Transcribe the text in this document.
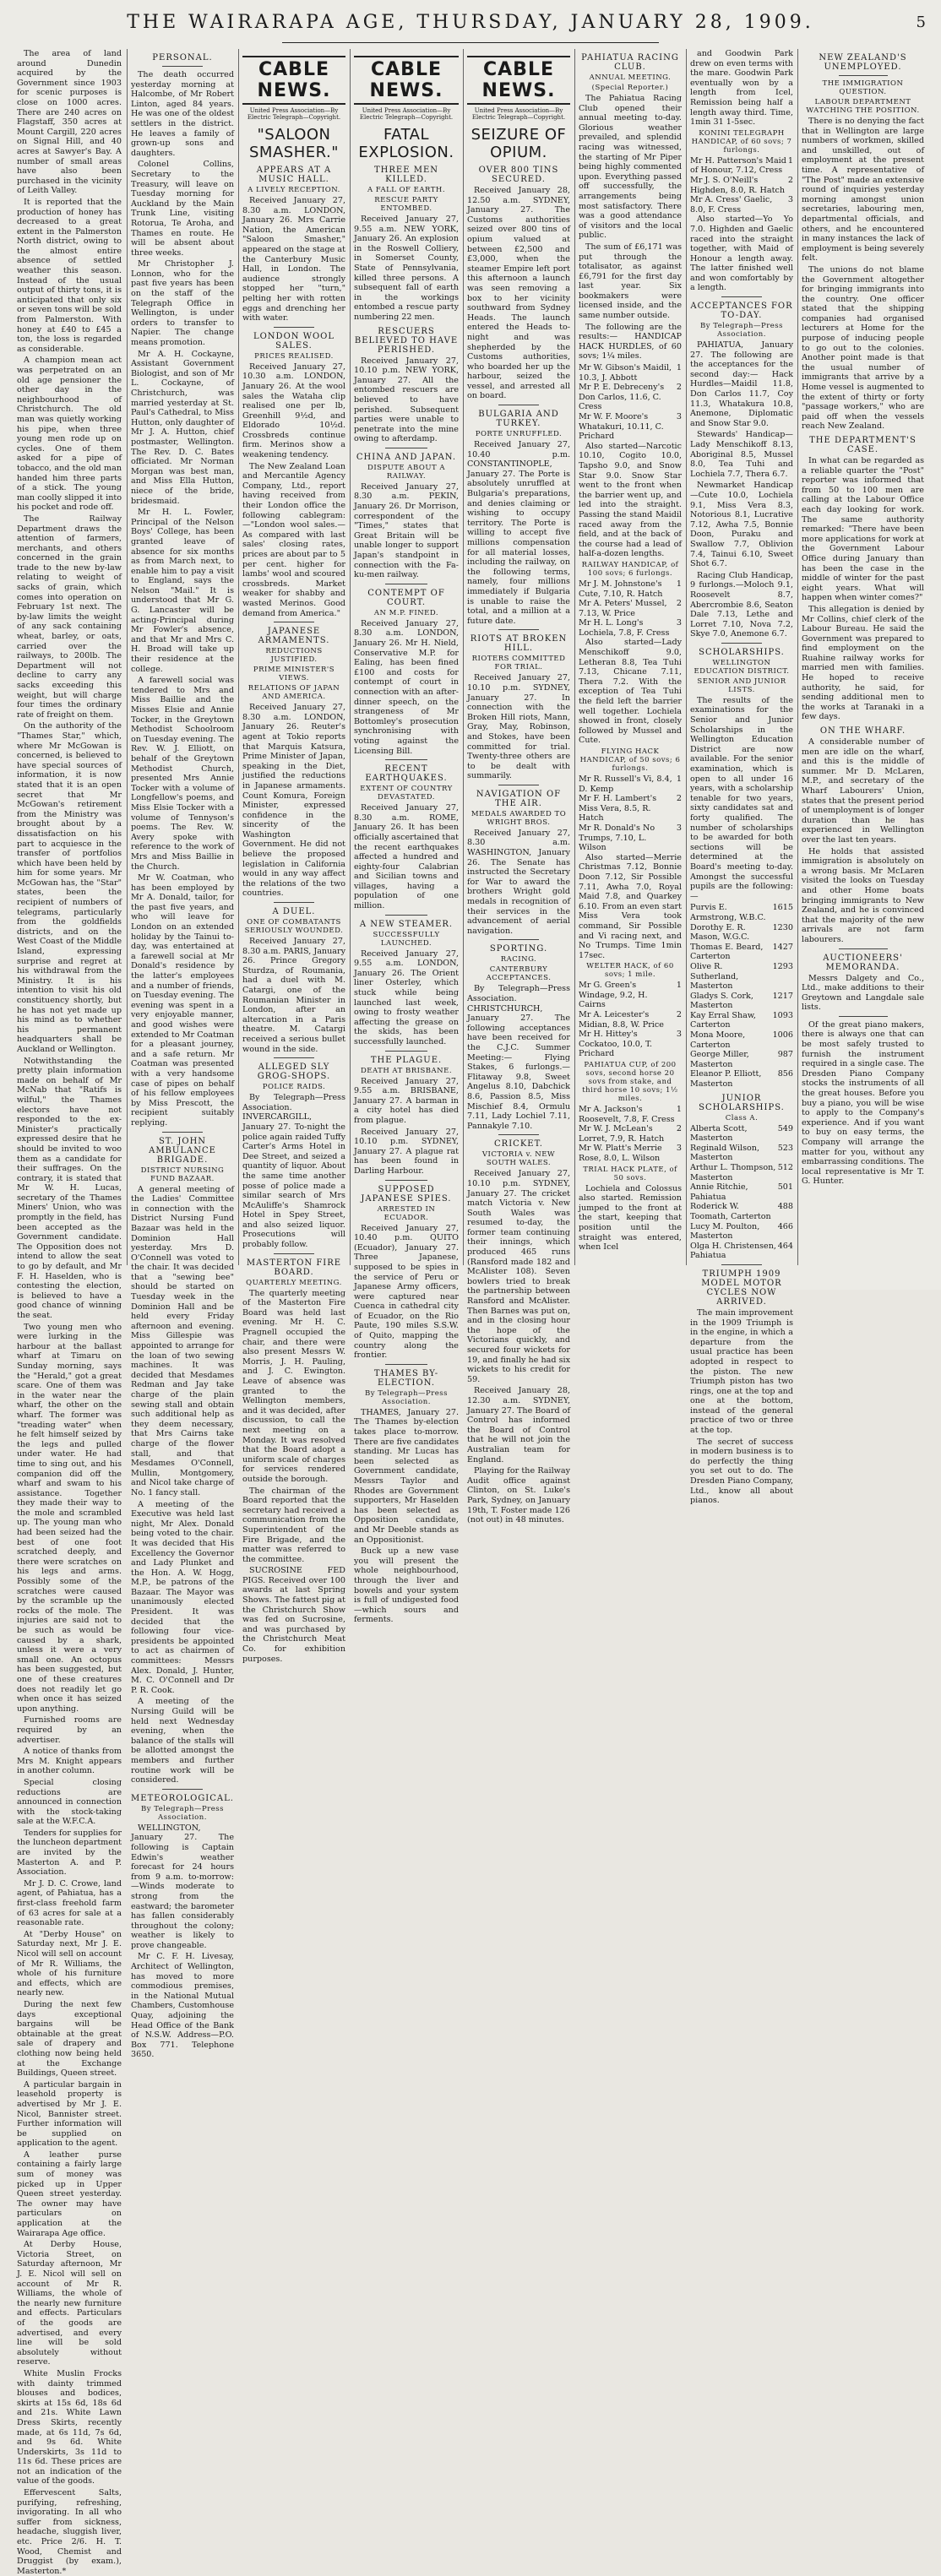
THE WAIRARAPA AGE, THURSDAY, JANUARY 28, 1909.	5

The area of land around Dunedin acquired by the Government since 1903 for scenic purposes is close on 1000 acres. There are 240 acres on Flagstaff, 350 acres at Mount Cargill, 220 acres on Signal Hill, and 40 acres at Sawyer's Bay. A number of small areas have also been purchased in the vicinity of Leith Valley.

It is reported that the production of honey has decreased to a great extent in the Palmerston North district, owing to the almost entire absence of settled weather this season. Instead of the usual output of thirty tons, it is anticipated that only six or seven tons will be sold from Palmerston. With honey at £40 to £45 a ton, the loss is regarded as considerable.

A champion mean act was perpetrated on an old age pensioner the other day in the neighbourhood of Christchurch. The old man was quietly working his pipe, when three young men rode up on cycles. One of them asked for a pipe of tobacco, and the old man handed him three parts of a stick. The young man coolly slipped it into his pocket and rode off.

The Railway Department draws the attention of farmers, merchants, and others concerned in the grain trade to the new by-law relating to weight of sacks of grain, which comes into operation on February 1st next. The by-law limits the weight of any sack containing wheat, barley, or oats, carried over the railways, to 200lb. The Department will not decline to carry any sacks exceeding this weight, but will charge four times the ordinary rate of freight on them.

On the authority of the "Thames Star," which, where Mr McGowan is concerned, is believed to have special sources of information, it is now stated that it is an open secret that Mr McGowan's retirement from the Ministry was brought about by a dissatisfaction on his part to acquiesce in the transfer of portfolios which have been held by him for some years. Mr McGowan has, the "Star" states, been the recipient of numbers of telegrams, particularly from the goldfields districts, and on the West Coast of the Middle Island, expressing surprise and regret at his withdrawal from the Ministry. It is his intention to visit his old constituency shortly, but he has not yet made up his mind as to whether his permanent headquarters shall be Auckland or Wellington.

Notwithstanding the pretty plain information made on behalf of Mr McNab that "Ratifs is wilful," the Thames electors have not responded to the ex-Minister's practically expressed desire that he should be invited to woo them as a candidate for their suffrages. On the contrary, it is stated that Mr W. H. Lucas, secretary of the Thames Miners' Union, who was promptly in the field, has been accepted as the Government candidate. The Opposition does not intend to allow the seat to go by default, and Mr F. H. Haselden, who is contesting the election, is believed to have a good chance of winning the seat.

Two young men who were lurking in the harbour at the ballast wharf at Timaru on Sunday morning, says the "Herald," got a great scare. One of them was in the water near the wharf, the other on the wharf. The former was "treading water" when he felt himself seized by the legs and pulled under water. He had time to sing out, and his companion did off the wharf and swam to his assistance. Together they made their way to the mole and scrambled up. The young man who had been seized had the best of one foot scratched deeply, and there were scratches on his legs and arms. Possibly some of the scratches were caused by the scramble up the rocks of the mole. The injuries are said not to be such as would be caused by a shark, unless it were a very small one. An octopus has been suggested, but one of these creatures does not readily let go when once it has seized upon anything.

Furnished rooms are required by an advertiser.

A notice of thanks from Mrs M. Knight appears in another column.

Special closing reductions are announced in connection with the stock-taking sale at the W.F.C.A.

Tenders for supplies for the luncheon department are invited by the Masterton A. and P. Association.

Mr J. D. C. Crowe, land agent, of Pahiatua, has a first-class freehold farm of 63 acres for sale at a reasonable rate.

At "Derby House" on Saturday next, Mr J. E. Nicol will sell on account of Mr R. Williams, the whole of his furniture and effects, which are nearly new.

During the next few days exceptional bargains will be obtainable at the great sale of drapery and clothing now being held at the Exchange Buildings, Queen street.

A particular bargain in leasehold property is advertised by Mr J. E. Nicol, Bannister street. Further information will be supplied on application to the agent.

A leather purse containing a fairly large sum of money was picked up in Upper Queen street yesterday. The owner may have particulars on application at the Wairarapa Age office.

At Derby House, Victoria Street, on Saturday afternoon, Mr J. E. Nicol will sell on account of Mr R. Williams, the whole of the nearly new furniture and effects. Particulars of the goods are advertised, and every line will be sold absolutely without reserve.

White Muslin Frocks with dainty trimmed blouses and bodices, skirts at 15s 6d, 18s 6d and 21s. White Lawn Dress Skirts, recently made, at 6s 11d, 7s 6d, and 9s 6d. White Underskirts, 3s 11d to 11s 6d. These prices are not an indication of the value of the goods.

Effervescent Salts, purifying, refreshing, invigorating. In all who suffer from sickness, headache, sluggish liver, etc. Price 2/6. H. T. Wood, Chemist and Druggist (by exam.), Masterton.*

PERSONAL.

The death occurred yesterday morning at Halcombe, of Mr Robert Linton, aged 84 years. He was one of the oldest settlers in the district. He leaves a family of grown-up sons and daughters.

Colonel Collins, Secretary to the Treasury, will leave on Tuesday morning for Auckland by the Main Trunk Line, visiting Rotorua, Te Aroha, and Thames en route. He will be absent about three weeks.

Mr Christopher J. Lonnon, who for the past five years has been on the staff of the Telegraph Office in Wellington, is under orders to transfer to Napier. The change means promotion.

Mr A. H. Cockayne, Assistant Government Biologist, and son of Mr L. Cockayne, of Christchurch, was married yesterday at St. Paul's Cathedral, to Miss Hutton, only daughter of Mr J. A. Hutton, chief postmaster, Wellington. The Rev. D. C. Bates officiated. Mr Norman Morgan was best man, and Miss Ella Hutton, niece of the bride, bridesmaid.

Mr H. L. Fowler, Principal of the Nelson Boys' College, has been granted leave of absence for six months as from March next, to enable him to pay a visit to England, says the Nelson "Mail." It is understood that Mr G. G. Lancaster will be acting-Principal during Mr Fowler's absence, and that Mr and Mrs C. H. Broad will take up their residence at the college.

A farewell social was tendered to Mrs and Miss Baillie and the Misses Elsie and Annie Tocker, in the Greytown Methodist Schoolroom on Tuesday evening. The Rev. W. J. Elliott, on behalf of the Greytown Methodist Church, presented Mrs Annie Tocker with a volume of Longfellow's poems, and Miss Elsie Tocker with a volume of Tennyson's poems. The Rev. W. Avery spoke with reference to the work of Mrs and Miss Baillie in the Church.

Mr W. Coatman, who has been employed by Mr A. Donald, tailor, for the past five years, and who will leave for London on an extended holiday by the Tainui to-day, was entertained at a farewell social at Mr Donald's residence by the latter's employees and a number of friends, on Tuesday evening. The evening was spent in a very enjoyable manner, and good wishes were extended to Mr Coatman for a pleasant journey, and a safe return. Mr Coatman was presented with a very handsome case of pipes on behalf of his fellow employees by Miss Prescott, the recipient suitably replying.

ST. JOHN AMBULANCE BRIGADE.
DISTRICT NURSING FUND BAZAAR.

A general meeting of the Ladies' Committee in connection with the District Nursing Fund Bazaar was held in the Dominion Hall yesterday. Mrs D. O'Connell was voted to the chair. It was decided that a "sewing bee" should be started on Tuesday week in the Dominion Hall and be held every Friday afternoon and evening. Miss Gillespie was appointed to arrange for the loan of two sewing machines. It was decided that Mesdames Redman and Jay take charge of the plain sewing stall and obtain such additional help as they deem necessary, that Mrs Cairns take charge of the flower stall, and that Mesdames O'Connell, Mullin, Montgomery, and Nicol take charge of No. 1 fancy stall.

A meeting of the Executive was held last night, Mr Alex. Donald being voted to the chair. It was decided that His Excellency the Governor and Lady Plunket and the Hon. A. W. Hogg, M.P., be patrons of the Bazaar. The Mayor was unanimously elected President. It was decided that the following four vice-presidents be appointed to act as chairmen of committees: Messrs Alex. Donald, J. Hunter, M. C. O'Connell and Dr P. R. Cook.

A meeting of the Nursing Guild will be held next Wednesday evening, when the balance of the stalls will be allotted amongst the members and further routine work will be considered.

METEOROLOGICAL.
By Telegraph—Press Association.

WELLINGTON, January 27. The following is Captain Edwin's weather forecast for 24 hours from 9 a.m. to-morrow:—Winds moderate to strong from the eastward; the barometer has fallen considerably throughout the colony; weather is likely to prove changeable.

Mr C. F. H. Livesay, Architect of Wellington, has moved to more commodious premises, in the National Mutual Chambers, Customhouse Quay, adjoining the Head Office of the Bank of N.S.W. Address—P.O. Box 771. Telephone 3650.

CABLE NEWS.
United Press Association—By Electric Telegraph—Copyright.
"SALOON SMASHER."
APPEARS AT A MUSIC HALL.
A LIVELY RECEPTION.

Received January 27, 8.30 a.m. LONDON, January 26. Mrs Carrie Nation, the American "Saloon Smasher," appeared on the stage at the Canterbury Music Hall, in London. The audience strongly stopped her "turn," pelting her with rotten eggs and drenching her with water.

LONDON WOOL SALES.
PRICES REALISED.

Received January 27, 10.30 a.m. LONDON, January 26. At the wool sales the Wataha clip realised one per lb, Greenhill 9½d, and Eldorado 10½d. Crossbreds continue firm. Merinos show a weakening tendency.

The New Zealand Loan and Mercantile Agency Company, Ltd., report having received from their London office the following cablegram:—"London wool sales.—As compared with last sales' closing rates, prices are about par to 5 per cent. higher for lambs' wool and scoured crossbreds. Market weaker for shabby and wasted Merinos. Good demand from America."

JAPANESE ARMAMENTS.
REDUCTIONS JUSTIFIED.
PRIME MINISTER'S VIEWS.
RELATIONS OF JAPAN AND AMERICA.

Received January 27, 8.30 a.m. LONDON, January 26. Reuter's agent at Tokio reports that Marquis Katsura, Prime Minister of Japan, speaking in the Diet, justified the reductions in Japanese armaments. Count Komura, Foreign Minister, expressed confidence in the sincerity of the Washington Government. He did not believe the proposed legislation in California would in any way affect the relations of the two countries.

A DUEL.
ONE OF COMBATANTS SERIOUSLY WOUNDED.

Received January 27, 8.30 a.m. PARIS, January 26. Prince Gregory Sturdza, of Roumania, had a duel with M. Catargi, one of the Roumanian Minister in London, after an altercation in a Paris theatre. M. Catargi received a serious bullet wound in the side.

ALLEGED SLY GROG-SHOPS.
POLICE RAIDS.

By Telegraph—Press Association. INVERCARGILL, January 27. To-night the police again raided Tuffy Carter's Arms Hotel in Dee Street, and seized a quantity of liquor. About the same time another posse of police made a similar search of Mrs McAuliffe's Shamrock Hotel in Spey Street, and also seized liquor. Prosecutions will probably follow.

MASTERTON FIRE BOARD.
QUARTERLY MEETING.

The quarterly meeting of the Masterton Fire Board was held last evening. Mr H. C. Pragnell occupied the chair, and there were also present Messrs W. Morris, J. H. Pauling, and J. C. Ewington. Leave of absence was granted to the Wellington members, and it was decided, after discussion, to call the next meeting on a Monday. It was resolved that the Board adopt a uniform scale of charges for services rendered outside the borough.

The chairman of the Board reported that the secretary had received a communication from the Superintendent of the Fire Brigade, and the matter was referred to the committee.

SUCROSINE FED PIGS. Received over 100 awards at last Spring Shows. The fattest pig at the Christchurch Show was fed on Sucrosine, and was purchased by the Christchurch Meat Co. for exhibition purposes.

CABLE NEWS.
United Press Association—By Electric Telegraph—Copyright.
FATAL EXPLOSION.
THREE MEN KILLED.
A FALL OF EARTH.
RESCUE PARTY ENTOMBED.

Received January 27, 9.55 a.m. NEW YORK, January 26. An explosion in the Roswell Colliery, in Somerset County, State of Pennsylvania, killed three persons. A subsequent fall of earth in the workings entombed a rescue party numbering 22 men.

RESCUERS BELIEVED TO HAVE PERISHED.

Received January 27, 10.10 p.m. NEW YORK, January 27. All the entombed rescuers are believed to have perished. Subsequent parties were unable to penetrate into the mine owing to afterdamp.

CHINA AND JAPAN.
DISPUTE ABOUT A RAILWAY.

Received January 27, 8.30 a.m. PEKIN, January 26. Dr Morrison, correspondent of the "Times," states that Great Britain will be unable longer to support Japan's standpoint in connection with the Fa-ku-men railway.

CONTEMPT OF COURT.
AN M.P. FINED.

Received January 27, 8.30 a.m. LONDON, January 26. Mr H. Nield, Conservative M.P. for Ealing, has been fined £100 and costs for contempt of court in connection with an after-dinner speech, on the strangeness of Mr Bottomley's prosecution synchronising with voting against the Licensing Bill.

RECENT EARTHQUAKES.
EXTENT OF COUNTRY DEVASTATED.

Received January 27, 8.30 a.m. ROME, January 26. It has been officially ascertained that the recent earthquakes affected a hundred and eighty-four Calabrian and Sicilian towns and villages, having a population of one million.

A NEW STEAMER.
SUCCESSFULLY LAUNCHED.

Received January 27, 9.55 a.m. LONDON, January 26. The Orient liner Osterley, which stuck while being launched last week, owing to frosty weather affecting the grease on the skids, has been successfully launched.

THE PLAGUE.
DEATH AT BRISBANE.

Received January 27, 9.55 a.m. BRISBANE, January 27. A barman in a city hotel has died from plague.

Received January 27, 10.10 p.m. SYDNEY, January 27. A plague rat has been found in Darling Harbour.

SUPPOSED JAPANESE SPIES.
ARRESTED IN ECUADOR.

Received January 27, 10.40 p.m. QUITO (Ecuador), January 27. Three Japanese, supposed to be spies in the service of Peru or Japanese Army officers, were captured near Cuenca in cathedral city of Ecuador, on the Rio Paute, 190 miles S.S.W. of Quito, mapping the country along the frontier.

THAMES BY-ELECTION.
By Telegraph—Press Association.

THAMES, January 27. The Thames by-election takes place to-morrow. There are five candidates standing. Mr Lucas has been selected as Government candidate, Messrs Taylor and Rhodes are Government supporters, Mr Haselden has been selected as Opposition candidate, and Mr Deeble stands as an Oppositionist.

Buck up a new vase you will present the whole neighbourhood, through the liver and bowels and your system is full of undigested food—which sours and ferments.

CABLE NEWS.
United Press Association—By Electric Telegraph—Copyright.
SEIZURE OF OPIUM.
OVER 800 TINS SECURED.

Received January 28, 12.50 a.m. SYDNEY, January 27. The Customs authorities seized over 800 tins of opium valued at between £2,500 and £3,000, when the steamer Empire left port this afternoon a launch was seen removing a box to her vicinity southward from Sydney Heads. The launch entered the Heads to-night and was shepherded by the Customs authorities, who boarded her up the harbour, seized the vessel, and arrested all on board.

BULGARIA AND TURKEY.
PORTE UNRUFFLED.

Received January 27, 10.40 p.m. CONSTANTINOPLE, January 27. The Porte is absolutely unruffled at Bulgaria's preparations, and denies claiming or wishing to occupy territory. The Porte is willing to accept five millions compensation for all material losses, including the railway, on the following terms, namely, four millions immediately if Bulgaria is unable to raise the total, and a million at a future date.

RIOTS AT BROKEN HILL.
RIOTERS COMMITTED FOR TRIAL.

Received January 27, 10.10 p.m. SYDNEY, January 27. In connection with the Broken Hill riots, Mann, Gray, May, Robinson, and Stokes, have been committed for trial. Twenty-three others are to be dealt with summarily.

NAVIGATION OF THE AIR.
MEDALS AWARDED TO WRIGHT BROS.

Received January 27, 8.30 a.m. WASHINGTON, January 26. The Senate has instructed the Secretary for War to award the brothers Wright gold medals in recognition of their services in the advancement of aerial navigation.

SPORTING.
RACING.
CANTERBURY ACCEPTANCES.

By Telegraph—Press Association. CHRISTCHURCH, January 27. The following acceptances have been received for the C.J.C. Summer Meeting:— Flying Stakes, 6 furlongs.—Flitaway 9.8, Sweet Angelus 8.10, Dabchick 8.6, Passion 8.5, Miss Mischief 8.4, Ormulu 7.11, Lady Lochiel 7.11, Pannakyle 7.10.

CRICKET.
VICTORIA v. NEW SOUTH WALES.

Received January 27, 10.10 p.m. SYDNEY, January 27. The cricket match Victoria v. New South Wales was resumed to-day, the former team continuing their innings, which produced 465 runs (Ransford made 182 and McAlister 108). Seven bowlers tried to break the partnership between Ransford and McAlister. Then Barnes was put on, and in the closing hour the hope of the Victorians quickly, and secured four wickets for 19, and finally he had six wickets to his credit for 59.

Received January 28, 12.30 a.m. SYDNEY, January 27. The Board of Control has informed the Board of Control that he will not join the Australian team for England.

Playing for the Railway Audit office against Clinton, on St. Luke's Park, Sydney, on January 19th, T. Foster made 126 (not out) in 48 minutes.

PAHIATUA RACING CLUB.
ANNUAL MEETING.
(Special Reporter.)

The Pahiatua Racing Club opened their annual meeting to-day. Glorious weather prevailed, and splendid racing was witnessed, the starting of Mr Piper being highly commented upon. Everything passed off successfully, the arrangements being most satisfactory. There was a good attendance of visitors and the local public.

The sum of £6,171 was put through the totalisator, as against £6,791 for the first day last year. Six bookmakers were licensed inside, and the same number outside.

The following are the results:— HANDICAP HACK HURDLES, of 60 sovs; 1¼ miles.

Mr W. Gibson's Maidil, 10.3, J. Abbott
1
Mr P. E. Debreceny's Don Carlos, 11.6, C. Cress
2
Mr W. F. Moore's Whatakuri, 10.11, C. Prichard
3

Also started—Narcotic 10.10, Cogito 10.0, Tapsho 9.0, and Snow Star 9.0. Snow Star went to the front when the barrier went up, and led into the straight. Passing the stand Maidil raced away from the field, and at the back of the course had a lead of half-a-dozen lengths.

RAILWAY HANDICAP, of 100 sovs; 6 furlongs.
Mr J. M. Johnstone's Cute, 7.10, R. Hatch
1
Mr A. Peters' Mussel, 7.13, W. Price
2
Mr H. L. Long's Lochiela, 7.8, F. Cress
3

Also started—Lady Menschikoff 9.0, Letheran 8.8, Tea Tuhi 7.13, Chicane 7.11, Thera 7.2. With the exception of Tea Tuhi the field left the barrier well together. Lochiela showed in front, closely followed by Mussel and Cute.

FLYING HACK HANDICAP, of 50 sovs; 6 furlongs.
Mr R. Russell's Vi, 8.4, D. Kemp
1
Mr F. H. Lambert's Miss Vera, 8.5, R. Hatch
2
Mr R. Donald's No Trumps, 7.10, L. Wilson
3

Also started—Merrie Christmas 7.12, Bonnie Doon 7.12, Sir Possible 7.11, Awha 7.0, Royal Maid 7.8, and Quarkey 6.10. From an even start Miss Vera took command, Sir Possible and Vi racing next, and No Trumps. Time 1min 17sec.

WELTER HACK, of 60 sovs; 1 mile.
Mr G. Green's Windage, 9.2, H. Cairns
1
Mr A. Leicester's Midian, 8.8, W. Price
2
Mr H. Hittey's Cockatoo, 10.0, T. Prichard
3
PAHIATUA CUP, of 200 sovs, second horse 20 sovs from stake, and third horse 10 sovs; 1½ miles.
Mr A. Jackson's Roosevelt, 7.8, F. Cress
1
Mr W. J. McLean's Lorret, 7.9, R. Hatch
2
Mr W. Platt's Merrie Rose, 8.0, L. Wilson
3
TRIAL HACK PLATE, of 50 sovs.

Lochiela and Colossus also started. Remission jumped to the front at the start, keeping that position until the straight was entered, when Icel

and Goodwin Park drew on even terms with the mare. Goodwin Park eventually won by a length from Icel, Remission being half a length away third. Time, 1min 31 1-5sec.

KONINI TELEGRAPH HANDICAP, of 60 sovs; 7 furlongs.
Mr H. Patterson's Maid of Honour, 7.12, Cress
1
Mr J. S. O'Neill's Highden, 8.0, R. Hatch
2
Mr A. Cress' Gaelic, 8.0, F. Cress
3

Also started—Yo Yo 7.0. Highden and Gaelic raced into the straight together, with Maid of Honour a length away. The latter finished well and won comfortably by a length.

ACCEPTANCES FOR TO-DAY.
By Telegraph—Press Association.

PAHIATUA, January 27. The following are the acceptances for the second day:— Hack Hurdles—Maidil 11.8, Don Carlos 11.7, Coy 11.3, Whatakura 10.8, Anemone, Diplomatic and Snow Star 9.0.

Stewards' Handicap—Lady Menschikoff 8.13, Aboriginal 8.5, Mussel 8.0, Tea Tuhi and Lochiela 7.7, Thera 6.7.

Newmarket Handicap—Cute 10.0, Lochiela 9.1, Miss Vera 8.3, Notorious 8.1, Lucrative 7.12, Awha 7.5, Bonnie Doon, Puraku and Swallow 7.7, Oblivion 7.4, Tainui 6.10, Sweet Shot 6.7.

Racing Club Handicap, 9 furlongs.—Moloch 9.1, Roosevelt 8.7, Abercrombie 8.6, Seaton Dale 7.13, Lethe and Lorret 7.10, Nova 7.2, Skye 7.0, Anemone 6.7.

SCHOLARSHIPS.
WELLINGTON EDUCATION DISTRICT.
SENIOR AND JUNIOR LISTS.

The results of the examinations for the Senior and Junior Scholarships in the Wellington Education District are now available. For the senior examination, which is open to all under 16 years, with a scholarship tenable for two years, sixty candidates sat and forty qualified. The number of scholarships to be awarded for both sections will be determined at the Board's meeting to-day. Amongst the successful pupils are the following:—

Purvis E. Armstrong, W.B.C.
1615
Dorothy E. R. Mason, W.G.C.
1230
Thomas E. Beard, Carterton
1427
Olive R. Sutherland, Masterton
1293
Gladys S. Cork, Masterton
1217
Kay Erral Shaw, Carterton
1093
Mona Moore, Carterton
1006
George Miller, Masterton
987
Eleanor P. Elliott, Masterton
856
JUNIOR SCHOLARSHIPS.
Class A.
Alberta Scott, Masterton
549
Reginald Wilson, Masterton
523
Arthur L. Thompson, Masterton
512
Annie Ritchie, Pahiatua
501
Roderick W. Toomath, Carterton
488
Lucy M. Poulton, Masterton
466
Olga H. Christensen, Pahiatua
464
TRIUMPH 1909 MODEL MOTOR CYCLES NOW ARRIVED.

The main improvement in the 1909 Triumph is in the engine, in which a departure from the usual practice has been adopted in respect to the piston. The new Triumph piston has two rings, one at the top and one at the bottom, instead of the general practice of two or three at the top.

The secret of success in modern business is to do perfectly the thing you set out to do. The Dresden Piano Company, Ltd., know all about pianos.

NEW ZEALAND'S UNEMPLOYED.
THE IMMIGRATION QUESTION.
LABOUR DEPARTMENT WATCHING THE POSITION.

There is no denying the fact that in Wellington are large numbers of workmen, skilled and unskilled, out of employment at the present time. A representative of "The Post" made an extensive round of inquiries yesterday morning amongst union secretaries, labouring men, departmental officials, and others, and he encountered in many instances the lack of employment is being severely felt.

The unions do not blame the Government altogether for bringing immigrants into the country. One officer stated that the shipping companies had organised lecturers at Home for the purpose of inducing people to go out to the colonies. Another point made is that the usual number of immigrants that arrive by a Home vessel is augmented to the extent of thirty or forty "passage workers," who are paid off when the vessels reach New Zealand.

THE DEPARTMENT'S CASE.

In what can be regarded as a reliable quarter the "Post" reporter was informed that from 50 to 100 men are calling at the Labour Office each day looking for work. The same authority remarked: "There have been more applications for work at the Government Labour Office during January than has been the case in the middle of winter for the past eight years. What will happen when winter comes?"

This allegation is denied by Mr Collins, chief clerk of the Labour Bureau. He said the Government was prepared to find employment on the Ruahine railway works for married men with families. He hoped to receive authority, he said, for sending additional men to the works at Taranaki in a few days.

ON THE WHARF.

A considerable number of men are idle on the wharf, and this is the middle of summer. Mr D. McLaren, M.P., and secretary of the Wharf Labourers' Union, states that the present period of unemployment is of longer duration than he has experienced in Wellington over the last ten years.

He holds that assisted immigration is absolutely on a wrong basis. Mr McLaren visited the looks on Tuesday and other Home boats bringing immigrants to New Zealand, and he is convinced that the majority of the new arrivals are not farm labourers.

AUCTIONEERS' MEMORANDA.

Messrs Dalgety and Co., Ltd., make additions to their Greytown and Langdale sale lists.

Of the great piano makers, there is always one that can be most safely trusted to furnish the instrument required in a single case. The Dresden Piano Company stocks the instruments of all the great houses. Before you buy a piano, you will be wise to apply to the Company's experience. And if you want to buy on easy terms, the Company will arrange the matter for you, without any embarrassing conditions. The local representative is Mr T. G. Hunter.
